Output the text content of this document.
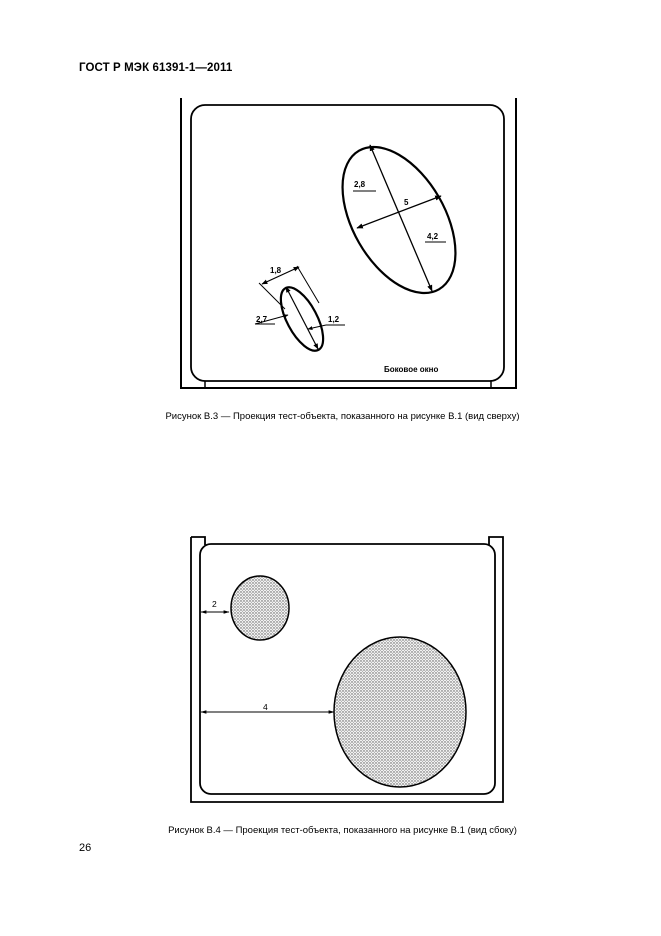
ГОСТ Р МЭК 61391-1—2011
2,8
5
4,2
1,8
2,7	1,2
Боковое окно
2
4
Рисунок В.3 — Проекция тест-объекта, показанного на рисунке В.1 (вид сверху)
Рисунок В.4 — Проекция тест-объекта, показанного на рисунке В.1 (вид сбоку)
26
